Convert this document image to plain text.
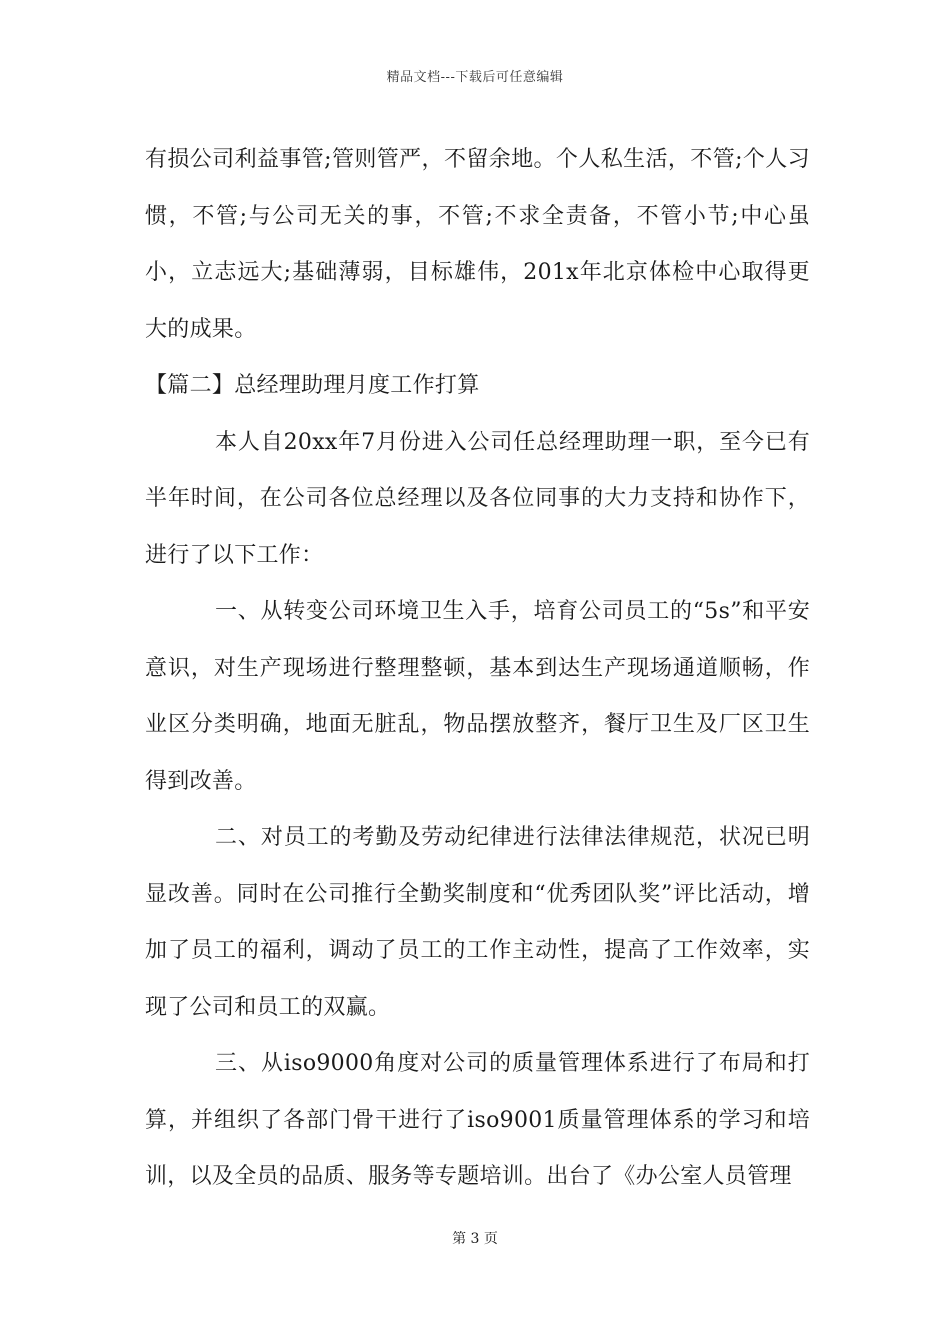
精品文档---下载后可任意编辑

有损公司利益事管;管则管严，不留余地。个人私生活，不管;个人习惯，不管;与公司无关的事，不管;不求全责备，不管小节;中心虽小，立志远大;基础薄弱，目标雄伟，201x年北京体检中心取得更大的成果。

【篇二】总经理助理月度工作打算

本人自20xx年7月份进入公司任总经理助理一职，至今已有半年时间，在公司各位总经理以及各位同事的大力支持和协作下，进行了以下工作：

一、从转变公司环境卫生入手，培育公司员工的“5s”和平安意识，对生产现场进行整理整顿，基本到达生产现场通道顺畅，作业区分类明确，地面无脏乱，物品摆放整齐，餐厅卫生及厂区卫生得到改善。

二、对员工的考勤及劳动纪律进行法律法律规范，状况已明显改善。同时在公司推行全勤奖制度和“优秀团队奖”评比活动，增加了员工的福利，调动了员工的工作主动性，提高了工作效率，实现了公司和员工的双赢。

三、从iso9000角度对公司的质量管理体系进行了布局和打算，并组织了各部门骨干进行了iso9001质量管理体系的学习和培训，以及全员的品质、服务等专题培训。出台了《办公室人员管理

第 3 页
